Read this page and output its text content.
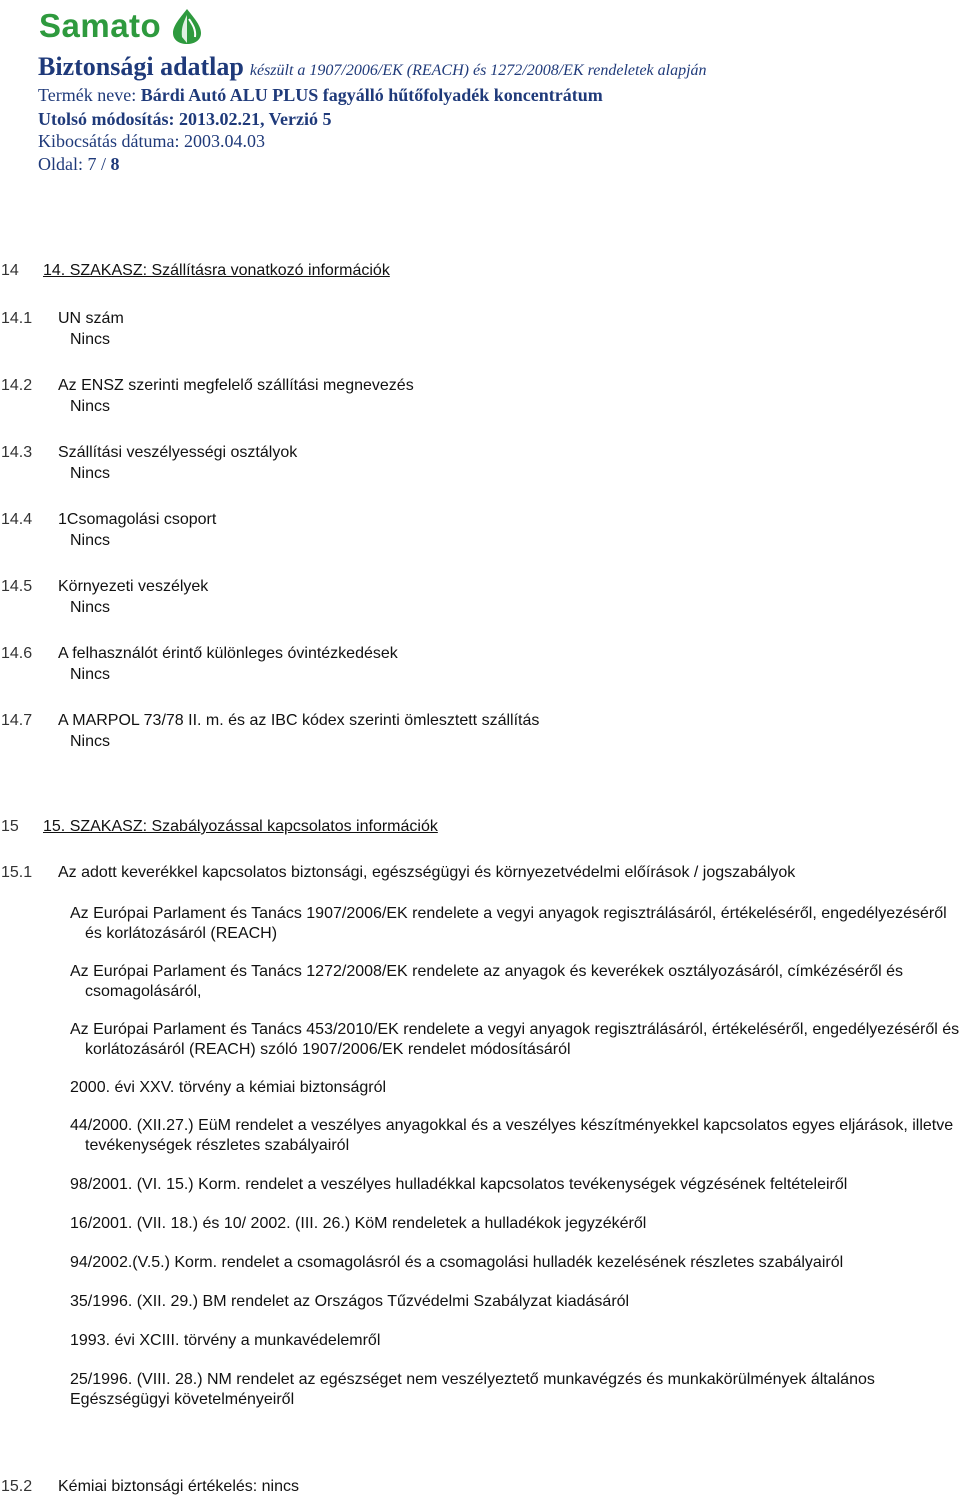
Samato
Biztonsági adatlap készült a 1907/2006/EK (REACH) és 1272/2008/EK rendeletek alapján
Termék neve: Bárdi Autó ALU PLUS fagyálló hűtőfolyadék koncentrátum
Utolsó módosítás: 2013.02.21, Verzió 5
Kibocsátás dátuma: 2003.04.03
Oldal: 7 / 8
14 14. SZAKASZ: Szállításra vonatkozó információk
14.1 UN szám
Nincs
14.2 Az ENSZ szerinti megfelelő szállítási megnevezés
Nincs
14.3 Szállítási veszélyességi osztályok
Nincs
14.4 1Csomagolási csoport
Nincs
14.5 Környezeti veszélyek
Nincs
14.6 A felhasználót érintő különleges óvintézkedések
Nincs
14.7 A MARPOL 73/78 II. m. és az IBC kódex szerinti ömlesztett szállítás
Nincs
15 15. SZAKASZ: Szabályozással kapcsolatos információk
15.1 Az adott keverékkel kapcsolatos biztonsági, egészségügyi és környezetvédelmi előírások / jogszabályok

Az Európai Parlament és Tanács 1907/2006/EK rendelete a vegyi anyagok regisztrálásáról, értékeléséről, engedélyezéséről és korlátozásáról (REACH)

Az Európai Parlament és Tanács 1272/2008/EK rendelete az anyagok és keverékek osztályozásáról, címkézéséről és csomagolásáról,

Az Európai Parlament és Tanács 453/2010/EK rendelete a vegyi anyagok regisztrálásáról, értékeléséről, engedélyezéséről és korlátozásáról (REACH) szóló 1907/2006/EK rendelet módosításáról

2000. évi XXV. törvény a kémiai biztonságról

44/2000. (XII.27.) EüM rendelet a veszélyes anyagokkal és a veszélyes készítményekkel kapcsolatos egyes eljárások, illetve tevékenységek részletes szabályairól

98/2001. (VI. 15.) Korm. rendelet a veszélyes hulladékkal kapcsolatos tevékenységek végzésének feltételeiről

16/2001. (VII. 18.) és 10/ 2002. (III. 26.) KöM rendeletek a hulladékok jegyzékéről

94/2002.(V.5.) Korm. rendelet a csomagolásról és a csomagolási hulladék kezelésének részletes szabályairól

35/1996. (XII. 29.) BM rendelet az Országos Tűzvédelmi Szabályzat kiadásáról

1993. évi XCIII. törvény a munkavédelemről

25/1996. (VIII. 28.) NM rendelet az egészséget nem veszélyeztető munkavégzés és munkakörülmények általános

Egészségügyi követelményeiről

15.2 Kémiai biztonsági értékelés: nincs
